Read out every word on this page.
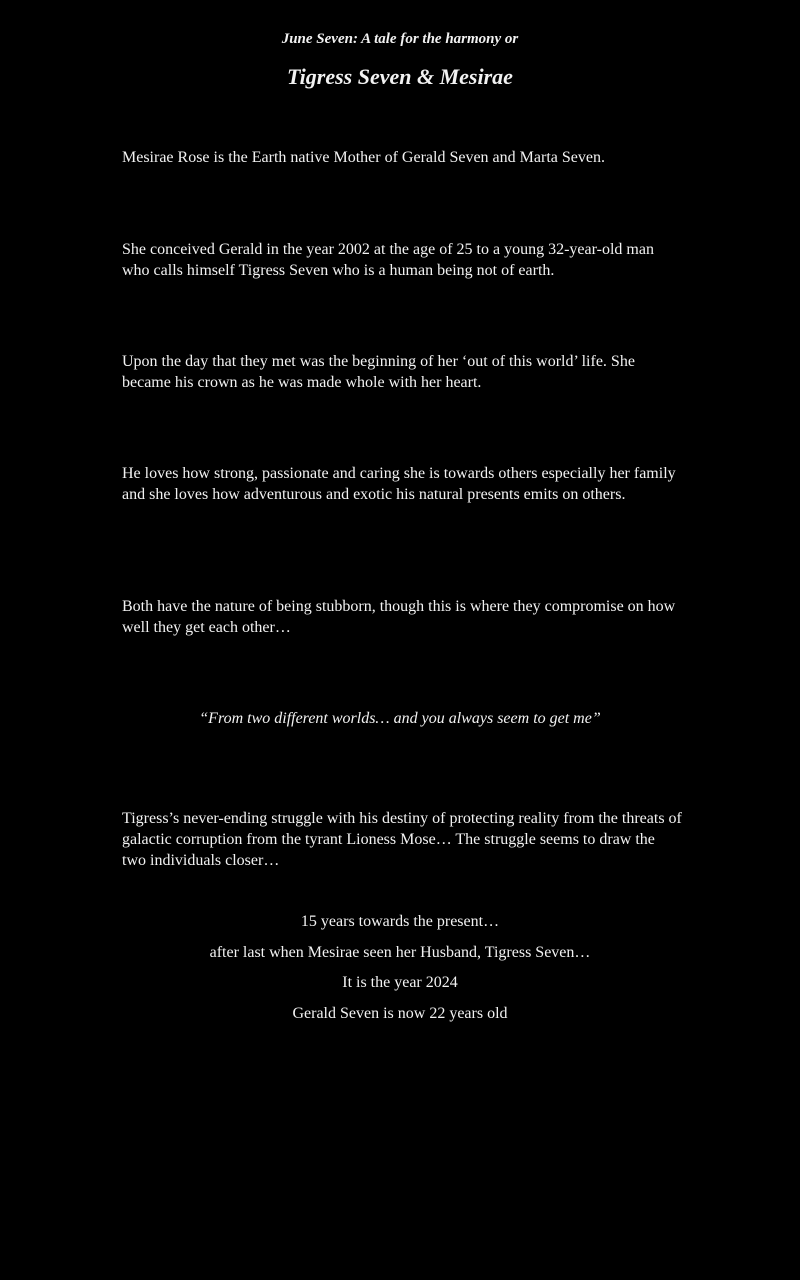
June Seven: A tale for the harmony or
Tigress Seven & Mesirae

Mesirae Rose is the Earth native Mother of Gerald Seven and Marta Seven.

She conceived Gerald in the year 2002 at the age of 25 to a young 32-year-old man who calls himself Tigress Seven who is a human being not of earth.

Upon the day that they met was the beginning of her ‘out of this world’ life. She became his crown as he was made whole with her heart.

He loves how strong, passionate and caring she is towards others especially her family and she loves how adventurous and exotic his natural presents emits on others.

Both have the nature of being stubborn, though this is where they compromise on how well they get each other…

“From two different worlds… and you always seem to get me”

Tigress’s never-ending struggle with his destiny of protecting reality from the threats of galactic corruption from the tyrant Lioness Mose… The struggle seems to draw the two individuals closer…

15 years towards the present…
after last when Mesirae seen her Husband, Tigress Seven…
It is the year 2024
Gerald Seven is now 22 years old
